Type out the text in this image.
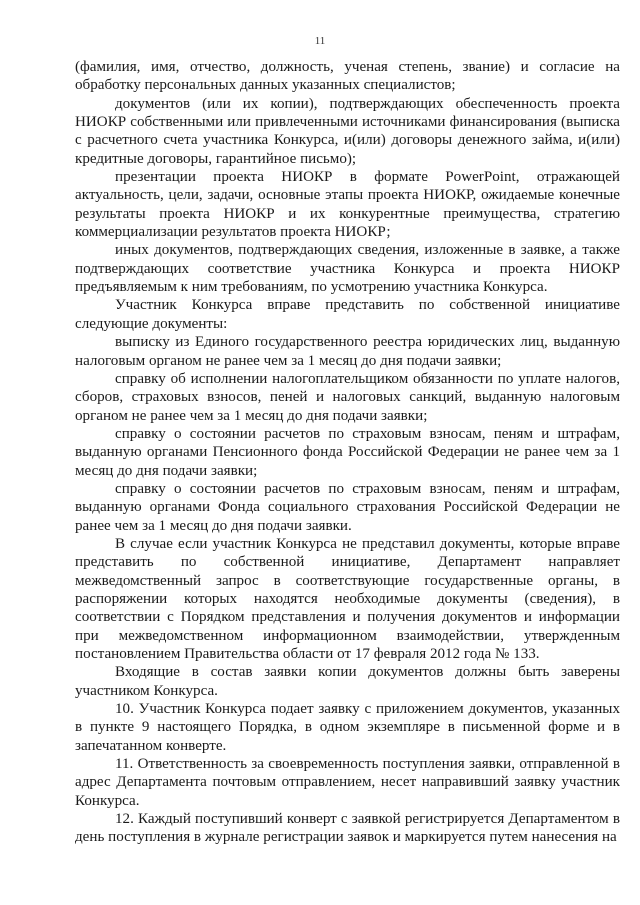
11

(фамилия, имя, отчество, должность, ученая степень, звание) и согласие на обработку персональных данных указанных специалистов;

документов (или их копии), подтверждающих обеспеченность проекта НИОКР собственными или привлеченными источниками финансирования (выписка с расчетного счета участника Конкурса, и(или) договоры денежного займа, и(или) кредитные договоры, гарантийное письмо);

презентации проекта НИОКР в формате PowerPoint, отражающей актуальность, цели, задачи, основные этапы проекта НИОКР, ожидаемые конечные результаты проекта НИОКР и их конкурентные преимущества, стратегию коммерциализации результатов проекта НИОКР;

иных документов, подтверждающих сведения, изложенные в заявке, а также подтверждающих соответствие участника Конкурса и проекта НИОКР предъявляемым к ним требованиям, по усмотрению участника Конкурса.

Участник Конкурса вправе представить по собственной инициативе следующие документы:

выписку из Единого государственного реестра юридических лиц, выданную налоговым органом не ранее чем за 1 месяц до дня подачи заявки;

справку об исполнении налогоплательщиком обязанности по уплате налогов, сборов, страховых взносов, пеней и налоговых санкций, выданную налоговым органом не ранее чем за 1 месяц до дня подачи заявки;

справку о состоянии расчетов по страховым взносам, пеням и штрафам, выданную органами Пенсионного фонда Российской Федерации не ранее чем за 1 месяц до дня подачи заявки;

справку о состоянии расчетов по страховым взносам, пеням и штрафам, выданную органами Фонда социального страхования Российской Федерации не ранее чем за 1 месяц до дня подачи заявки.

В случае если участник Конкурса не представил документы, которые вправе представить по собственной инициативе, Департамент направляет межведомственный запрос в соответствующие государственные органы, в распоряжении которых находятся необходимые документы (сведения), в соответствии с Порядком представления и получения документов и информации при межведомственном информационном взаимодействии, утвержденным постановлением Правительства области от 17 февраля 2012 года № 133.

Входящие в состав заявки копии документов должны быть заверены участником Конкурса.

10. Участник Конкурса подает заявку с приложением документов, указанных в пункте 9 настоящего Порядка, в одном экземпляре в письменной форме и в запечатанном конверте.

11. Ответственность за своевременность поступления заявки, отправленной в адрес Департамента почтовым отправлением, несет направивший заявку участник Конкурса.

12. Каждый поступивший конверт с заявкой регистрируется Департаментом в день поступления в журнале регистрации заявок и маркируется путем нанесения на
